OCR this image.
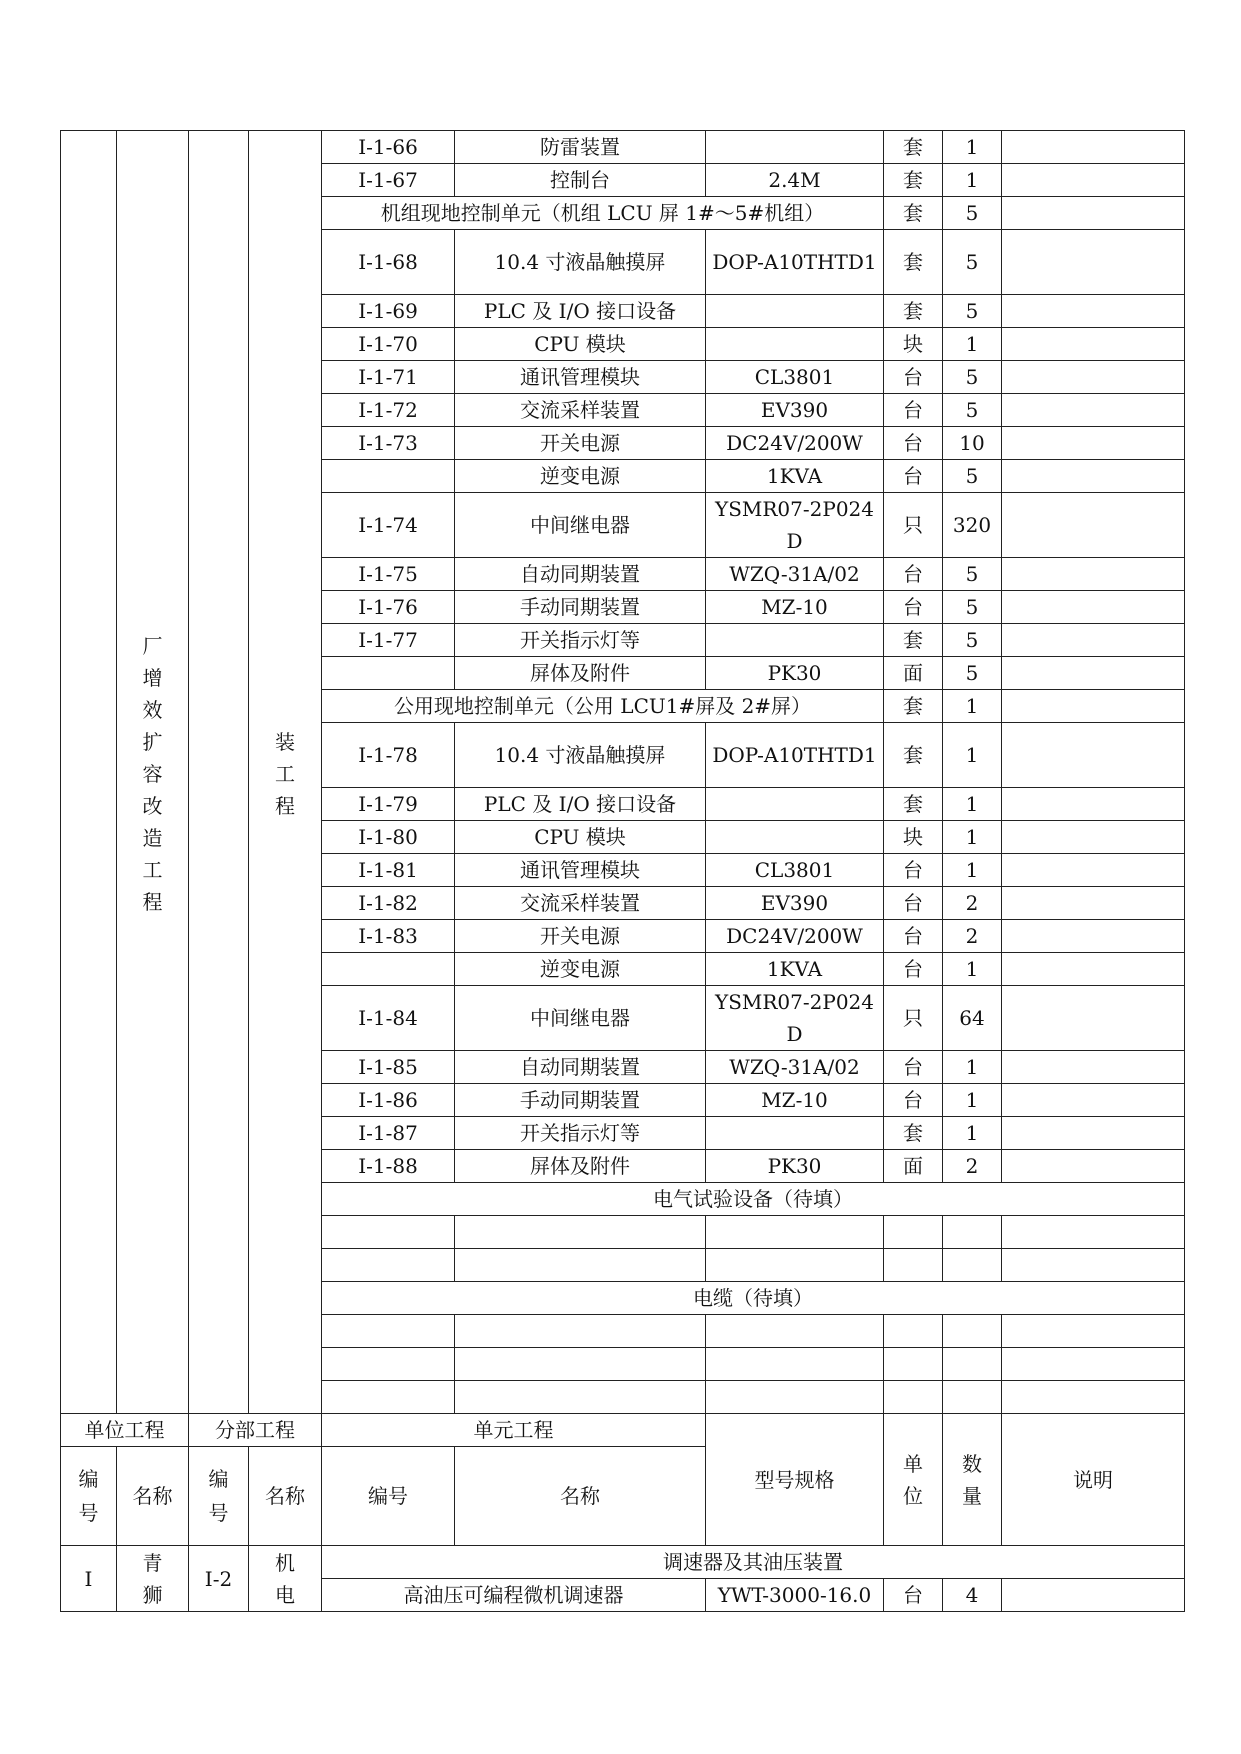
	厂增效扩容改造工程		装工程	I-1-66	防雷装置		套	1	
				I-1-67	控制台	2.4M	套	1	
				机组现地控制单元（机组 LCU 屏 1#～5#机组）			套	5	
				I-1-68	10.4 寸液晶触摸屏	DOP-A10THTD1	套	5	
				I-1-69	PLC 及 I/O 接口设备		套	5	
				I-1-70	CPU 模块		块	1	
				I-1-71	通讯管理模块	CL3801	台	5	
				I-1-72	交流采样装置	EV390	台	5	
				I-1-73	开关电源	DC24V/200W	台	10	
					逆变电源	1KVA	台	5	
				I-1-74	中间继电器	YSMR07-2P024D	只	320	
				I-1-75	自动同期装置	WZQ-31A/02	台	5	
				I-1-76	手动同期装置	MZ-10	台	5	
				I-1-77	开关指示灯等		套	5	
					屏体及附件	PK30	面	5	
				公用现地控制单元（公用 LCU1#屏及 2#屏）			套	1	
				I-1-78	10.4 寸液晶触摸屏	DOP-A10THTD1	套	1	
				I-1-79	PLC 及 I/O 接口设备		套	1	
				I-1-80	CPU 模块		块	1	
				I-1-81	通讯管理模块	CL3801	台	1	
				I-1-82	交流采样装置	EV390	台	2	
				I-1-83	开关电源	DC24V/200W	台	2	
					逆变电源	1KVA	台	1	
				I-1-84	中间继电器	YSMR07-2P024D	只	64	
				I-1-85	自动同期装置	WZQ-31A/02	台	1	
				I-1-86	手动同期装置	MZ-10	台	1	
				I-1-87	开关指示灯等		套	1	
				I-1-88	屏体及附件	PK30	面	2	
				电气试验设备（待填）					

				电缆（待填）					

单位工程		分部工程		单元工程		型号规格	单位	数量	说明
编号	名称	编号	名称	编号	名称				
I	青狮	I-2	机电	调速器及其油压装置					
				高油压可编程微机调速器		YWT-3000-16.0	台	4	
